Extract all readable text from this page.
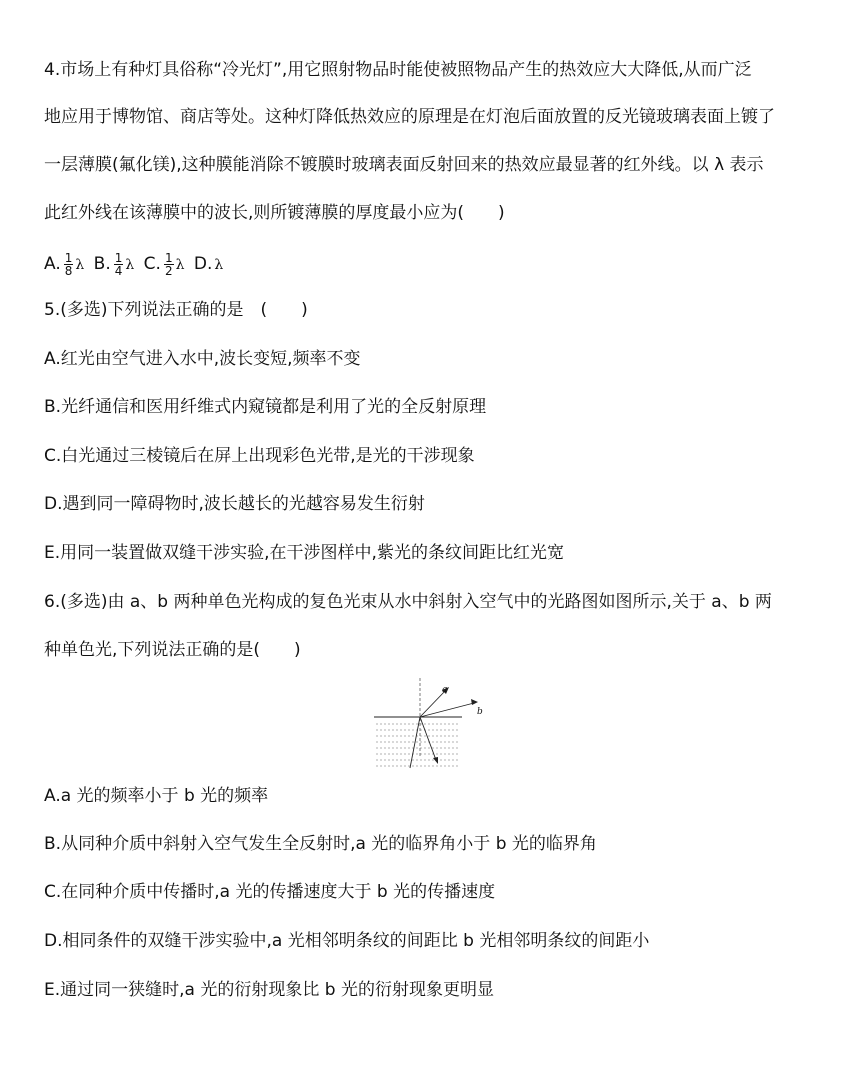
4.市场上有种灯具俗称“冷光灯”,用它照射物品时能使被照物品产生的热效应大大降低,从而广泛
地应用于博物馆、商店等处。这种灯降低热效应的原理是在灯泡后面放置的反光镜玻璃表面上镀了
一层薄膜(氟化镁),这种膜能消除不镀膜时玻璃表面反射回来的热效应最显著的红外线。以 λ 表示
此红外线在该薄膜中的波长,则所镀薄膜的厚度最小应为(　　)
A. $\frac{1}{8}$ λ B. $\frac{1}{4}$ λ C. $\frac{1}{2}$ λ D. λ
5.(多选)下列说法正确的是　(　　)
A.红光由空气进入水中,波长变短,频率不变
B.光纤通信和医用纤维式内窥镜都是利用了光的全反射原理
C.白光通过三棱镜后在屏上出现彩色光带,是光的干涉现象
D.遇到同一障碍物时,波长越长的光越容易发生衍射
E.用同一装置做双缝干涉实验,在干涉图样中,紫光的条纹间距比红光宽
6.(多选)由 a、b 两种单色光构成的复色光束从水中斜射入空气中的光路图如图所示,关于 a、b 两
种单色光,下列说法正确的是(　　)
a
b
A.a 光的频率小于 b 光的频率
B.从同种介质中斜射入空气发生全反射时,a 光的临界角小于 b 光的临界角
C.在同种介质中传播时,a 光的传播速度大于 b 光的传播速度
D.相同条件的双缝干涉实验中,a 光相邻明条纹的间距比 b 光相邻明条纹的间距小
E.通过同一狭缝时,a 光的衍射现象比 b 光的衍射现象更明显
